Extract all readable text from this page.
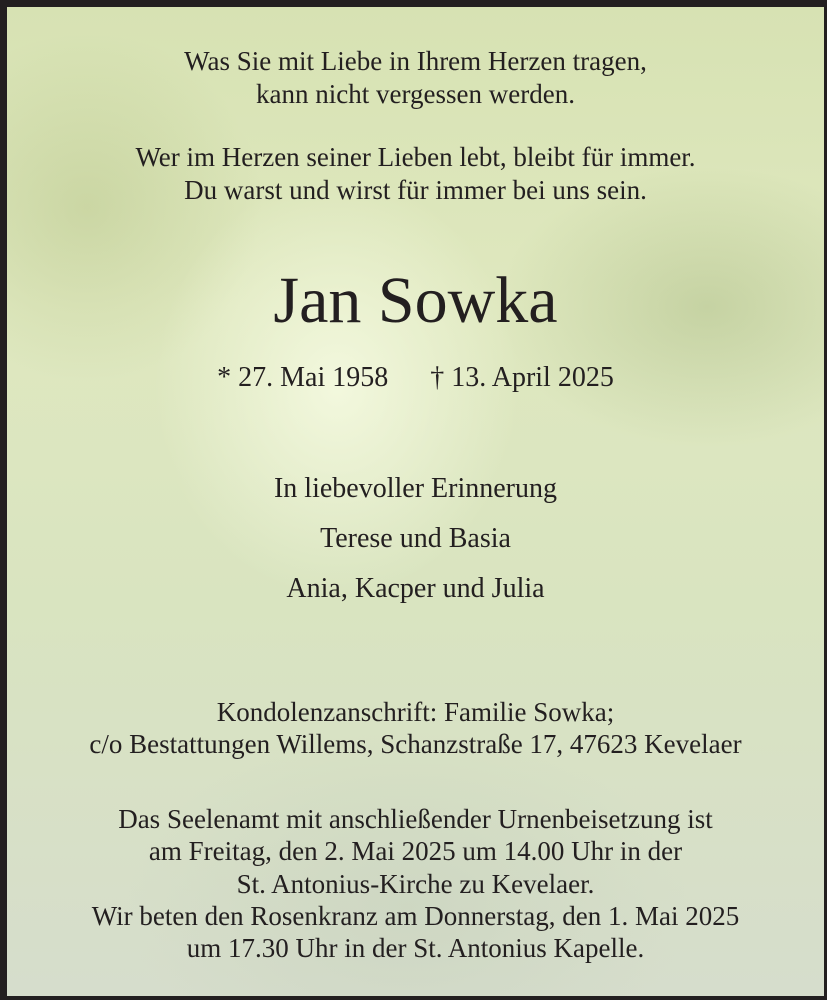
Was Sie mit Liebe in Ihrem Herzen tragen,
kann nicht vergessen werden.
Wer im Herzen seiner Lieben lebt, bleibt für immer.
Du warst und wirst für immer bei uns sein.
Jan Sowka
* 27. Mai 1958 † 13. April 2025
In liebevoller Erinnerung
Terese und Basia
Ania, Kacper und Julia
Kondolenzanschrift: Familie Sowka;
c/o Bestattungen Willems, Schanzstraße 17, 47623 Kevelaer
Das Seelenamt mit anschließender Urnenbeisetzung ist
am Freitag, den 2. Mai 2025 um 14.00 Uhr in der
St. Antonius-Kirche zu Kevelaer.
Wir beten den Rosenkranz am Donnerstag, den 1. Mai 2025
um 17.30 Uhr in der St. Antonius Kapelle.
